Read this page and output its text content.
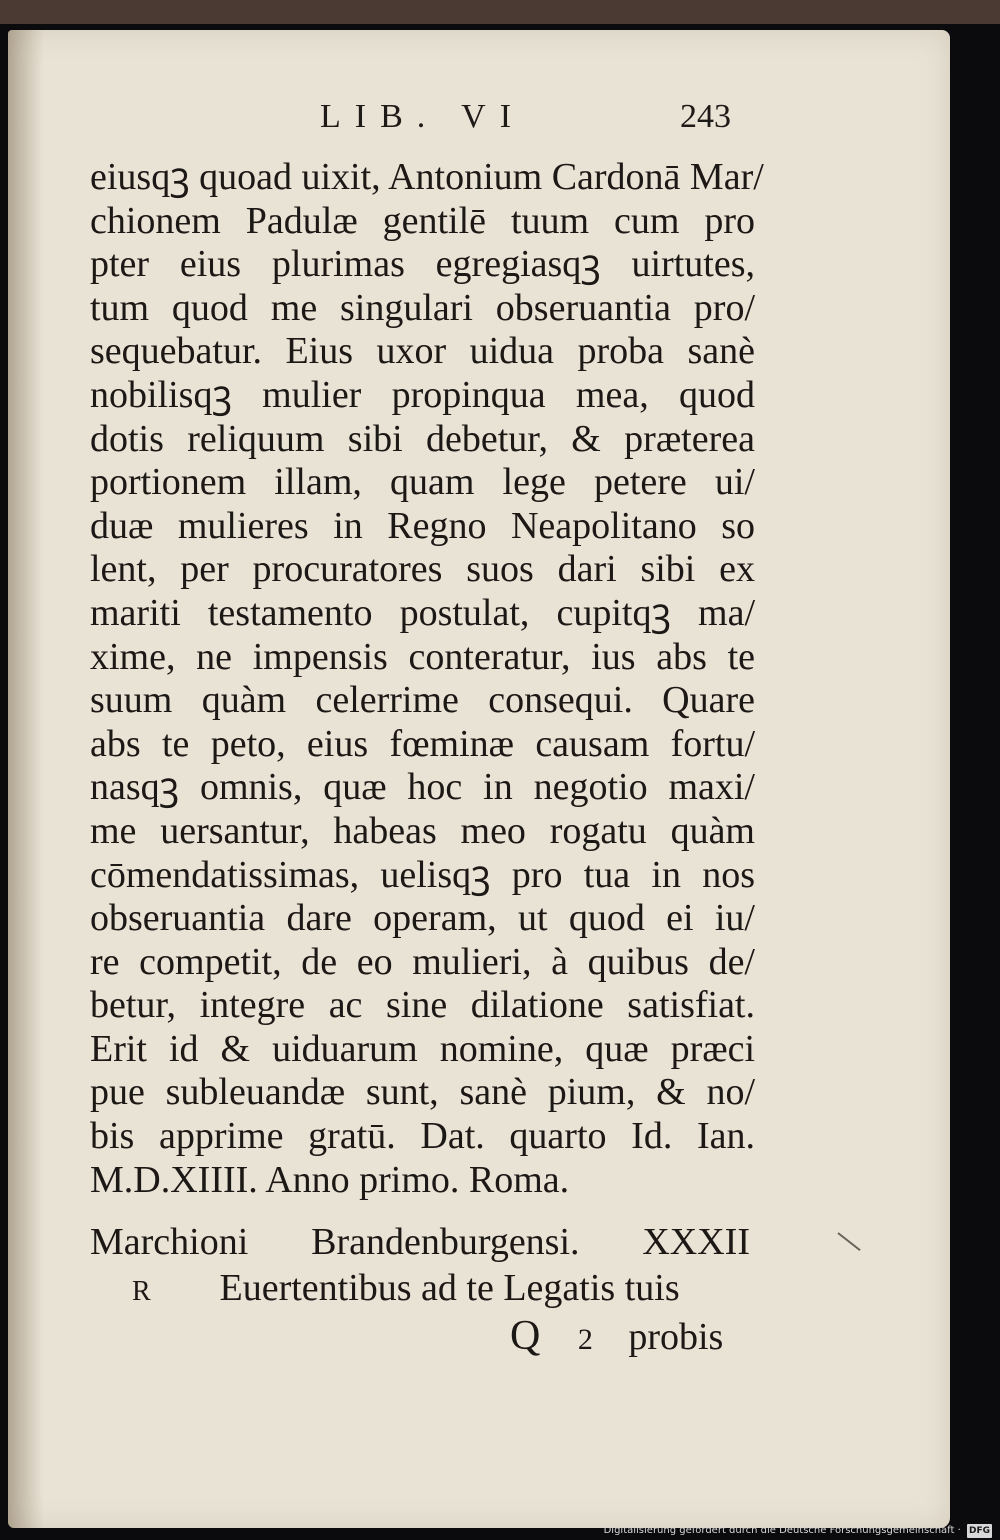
LIB. VI	243
eiusqꝫ quoad uixit, Antonium Cardonā Mar/
chionem Padulæ gentilē tuum cum pro
pter eius plurimas egregiasqꝫ uirtutes,
tum quod me singulari obseruantia pro/
sequebatur. Eius uxor uidua proba sanè
nobilisqꝫ mulier propinqua mea, quod
dotis reliquum sibi debetur, & præterea
portionem illam, quam lege petere ui/
duæ mulieres in Regno Neapolitano so
lent, per procuratores suos dari sibi ex
mariti testamento postulat, cupitqꝫ ma/
xime, ne impensis conteratur, ius abs te
suum quàm celerrime consequi. Quare
abs te peto, eius fœminæ causam fortu/
nasqꝫ omnis, quæ hoc in negotio maxi/
me uersantur, habeas meo rogatu quàm
cōmendatissimas, uelisqꝫ pro tua in nos
obseruantia dare operam, ut quod ei iu/
re competit, de eo mulieri, à quibus de/
betur, integre ac sine dilatione satisfiat.
Erit id & uiduarum nomine, quæ præci
pue subleuandæ sunt, sanè pium, & no/
bis apprime gratū. Dat. quarto Id. Ian.
M.D.XIIII. Anno primo. Roma.
Marchioni Brandenburgensi. XXXII
R Euertentibus ad te Legatis tuis
Q 2 probis
Digitalisierung gefördert durch die Deutsche Forschungsgemeinschaft · DFG
